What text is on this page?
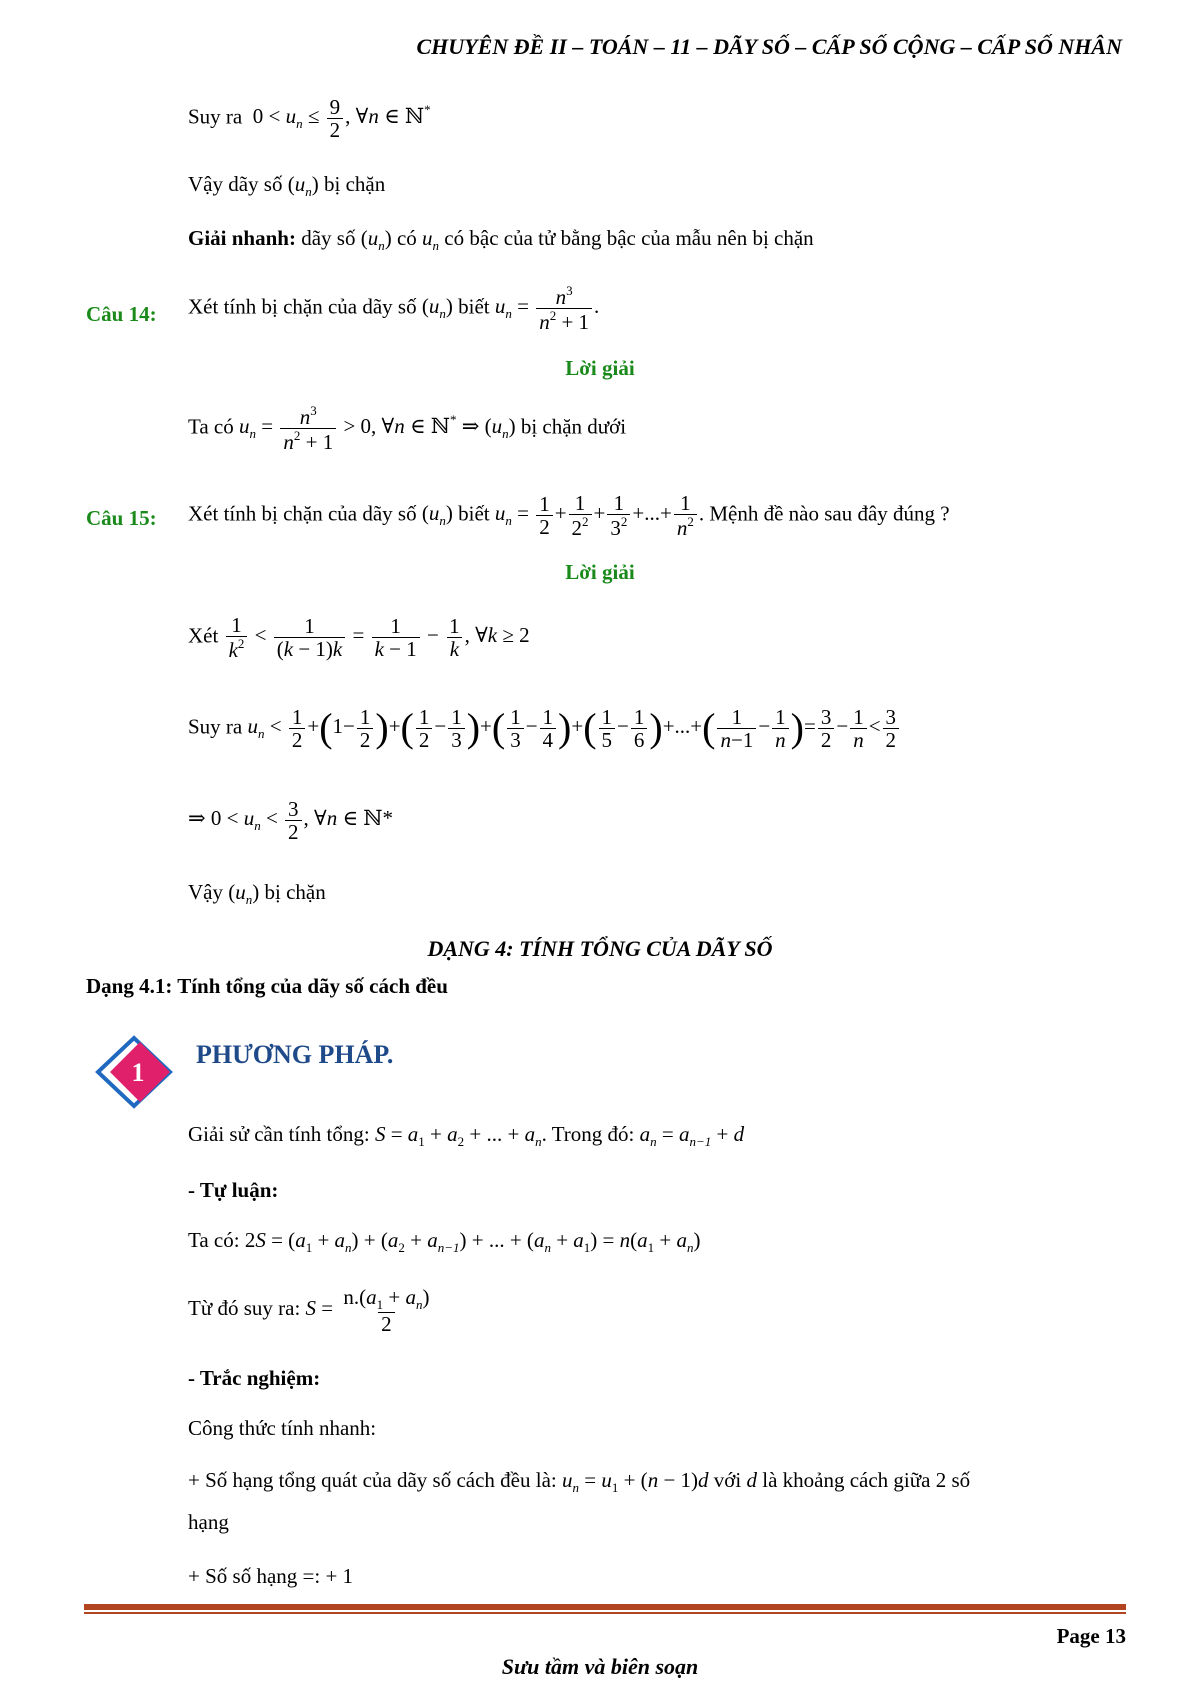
CHUYÊN ĐỀ II – TOÁN – 11 – DÃY SỐ – CẤP SỐ CỘNG – CẤP SỐ NHÂN
Suy ra $0 < u_n \le \frac{9}{2}$ , ∀n ∈ ℕ*
Vậy dãy số $(u_n)$ bị chặn
Giải nhanh: dãy số $(u_n)$ có $u_n$ có bậc của tử bằng bậc của mẫu nên bị chặn
Câu 14: Xét tính bị chặn của dãy số $(u_n)$ biết $u_n = \frac{n^3}{n^2 + 1}$ .
Lời giải
Ta có $u_n = \frac{n^3}{n^2 + 1} > 0$, ∀n ∈ ℕ* ⇒ $(u_n)$ bị chặn dưới
Câu 15: Xét tính bị chặn của dãy số $(u_n)$ biết $u_n = \frac{1}{2} + \frac{1}{2^2} + \frac{1}{3^2}$ +...+ $\frac{1}{n^2}$ . Mệnh đề nào sau đây đúng ?
Lời giải
Xét $\frac{1}{k^2} < \frac{1}{(k - 1)k} = \frac{1}{k - 1} - \frac{1}{k}$ , ∀k ≥ 2
Suy ra $u_n < \frac{1}{2} +(1- \frac{1}{2}$ )+( $\frac{1}{2} - \frac{1}{3}$ )+( $\frac{1}{3} - \frac{1}{4}$ )+( $\frac{1}{5} - \frac{1}{6}$ )+...+( $\frac{1}{n-1} - \frac{1}{n}$ )= $\frac{3}{2} - \frac{1}{n} < \frac{3}{2}$
⇒ $0 < u_n < \frac{3}{2}$ , ∀n ∈ ℕ*
Vậy $(u_n)$ bị chặn
DẠNG 4: TÍNH TỔNG CỦA DÃY SỐ
Dạng 4.1: Tính tổng của dãy số cách đều
1
PHƯƠNG PHÁP.
Giải sử cần tính tổng: $S = a_1 + a_2$ + ... + $a_n$. Trong đó: $a_n = a_{n-1} + d$
- Tự luận:
Ta có: $2S = (a_1 + a_n) + (a_2 + a_{n-1})$ + ... + $(a_n + a_1) = n(a_1 + a_n)$
Từ đó suy ra: $S = \frac{n.(a_1 + a_n)}{2}$
- Trắc nghiệm:
Công thức tính nhanh:
+ Số hạng tổng quát của dãy số cách đều là: $u_n = u_1 + (n - 1)d$ với d là khoảng cách giữa 2 số
hạng
+ Số số hạng =: + 1
Page 13
Sưu tầm và biên soạn
